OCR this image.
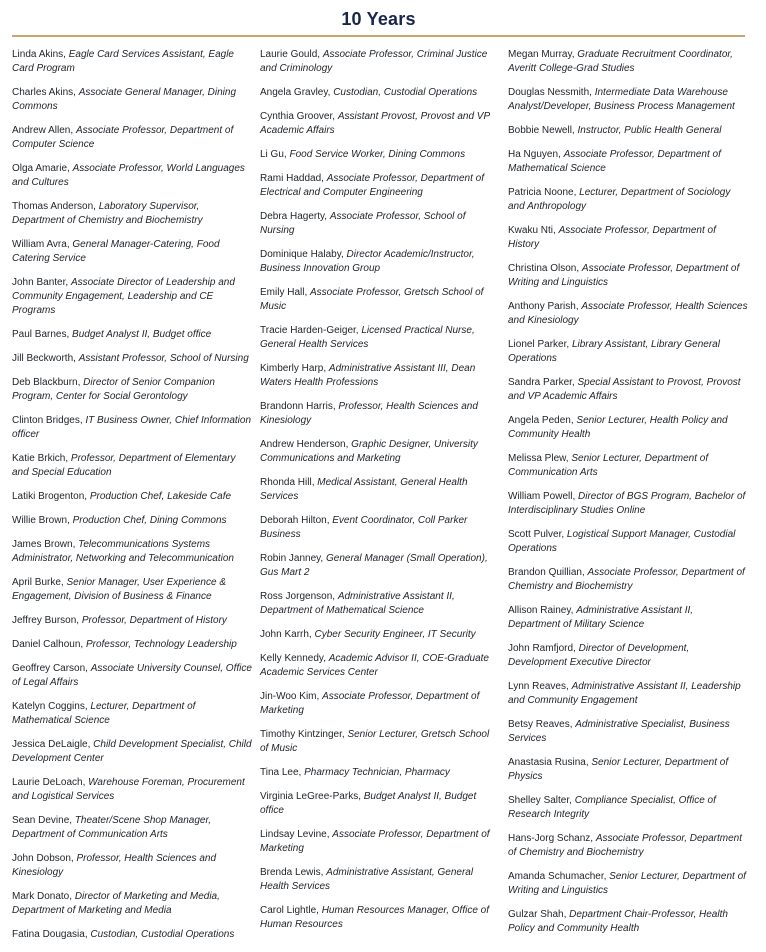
10 Years
Linda Akins, Eagle Card Services Assistant, Eagle Card Program
Charles Akins, Associate General Manager, Dining Commons
Andrew Allen, Associate Professor, Department of Computer Science
Olga Amarie, Associate Professor, World Languages and Cultures
Thomas Anderson, Laboratory Supervisor, Department of Chemistry and Biochemistry
William Avra, General Manager-Catering, Food Catering Service
John Banter, Associate Director of Leadership and Community Engagement, Leadership and CE Programs
Paul Barnes, Budget Analyst II, Budget office
Jill Beckworth, Assistant Professor, School of Nursing
Deb Blackburn, Director of Senior Companion Program, Center for Social Gerontology
Clinton Bridges, IT Business Owner, Chief Information officer
Katie Brkich, Professor, Department of Elementary and Special Education
Latiki Brogenton, Production Chef, Lakeside Cafe
Willie Brown, Production Chef, Dining Commons
James Brown, Telecommunications Systems Administrator, Networking and Telecommunication
April Burke, Senior Manager, User Experience & Engagement, Division of Business & Finance
Jeffrey Burson, Professor, Department of History
Daniel Calhoun, Professor, Technology Leadership
Geoffrey Carson, Associate University Counsel, Office of Legal Affairs
Katelyn Coggins, Lecturer, Department of Mathematical Science
Jessica DeLaigle, Child Development Specialist, Child Development Center
Laurie DeLoach, Warehouse Foreman, Procurement and Logistical Services
Sean Devine, Theater/Scene Shop Manager, Department of Communication Arts
John Dobson, Professor, Health Sciences and Kinesiology
Mark Donato, Director of Marketing and Media, Department of Marketing and Media
Fatina Dougasia, Custodian, Custodial Operations
Laurie Gould, Associate Professor, Criminal Justice and Criminology
Angela Gravley, Custodian, Custodial Operations
Cynthia Groover, Assistant Provost, Provost and VP Academic Affairs
Li Gu, Food Service Worker, Dining Commons
Rami Haddad, Associate Professor, Department of Electrical and Computer Engineering
Debra Hagerty, Associate Professor, School of Nursing
Dominique Halaby, Director Academic/Instructor, Business Innovation Group
Emily Hall, Associate Professor, Gretsch School of Music
Tracie Harden-Geiger, Licensed Practical Nurse, General Health Services
Kimberly Harp, Administrative Assistant III, Dean Waters Health Professions
Brandonn Harris, Professor, Health Sciences and Kinesiology
Andrew Henderson, Graphic Designer, University Communications and Marketing
Rhonda Hill, Medical Assistant, General Health Services
Deborah Hilton, Event Coordinator, Coll Parker Business
Robin Janney, General Manager (Small Operation), Gus Mart 2
Ross Jorgenson, Administrative Assistant II, Department of Mathematical Science
John Karrh, Cyber Security Engineer, IT Security
Kelly Kennedy, Academic Advisor II, COE-Graduate Academic Services Center
Jin-Woo Kim, Associate Professor, Department of Marketing
Timothy Kintzinger, Senior Lecturer, Gretsch School of Music
Tina Lee, Pharmacy Technician, Pharmacy
Virginia LeGree-Parks, Budget Analyst II, Budget office
Lindsay Levine, Associate Professor, Department of Marketing
Brenda Lewis, Administrative Assistant, General Health Services
Carol Lightle, Human Resources Manager, Office of Human Resources
Megan Murray, Graduate Recruitment Coordinator, Averitt College-Grad Studies
Douglas Nessmith, Intermediate Data Warehouse Analyst/Developer, Business Process Management
Bobbie Newell, Instructor, Public Health General
Ha Nguyen, Associate Professor, Department of Mathematical Science
Patricia Noone, Lecturer, Department of Sociology and Anthropology
Kwaku Nti, Associate Professor, Department of History
Christina Olson, Associate Professor, Department of Writing and Linguistics
Anthony Parish, Associate Professor, Health Sciences and Kinesiology
Lionel Parker, Library Assistant, Library General Operations
Sandra Parker, Special Assistant to Provost, Provost and VP Academic Affairs
Angela Peden, Senior Lecturer, Health Policy and Community Health
Melissa Plew, Senior Lecturer, Department of Communication Arts
William Powell, Director of BGS Program, Bachelor of Interdisciplinary Studies Online
Scott Pulver, Logistical Support Manager, Custodial Operations
Brandon Quillian, Associate Professor, Department of Chemistry and Biochemistry
Allison Rainey, Administrative Assistant II, Department of Military Science
John Ramfjord, Director of Development, Development Executive Director
Lynn Reaves, Administrative Assistant II, Leadership and Community Engagement
Betsy Reaves, Administrative Specialist, Business Services
Anastasia Rusina, Senior Lecturer, Department of Physics
Shelley Salter, Compliance Specialist, Office of Research Integrity
Hans-Jorg Schanz, Associate Professor, Department of Chemistry and Biochemistry
Amanda Schumacher, Senior Lecturer, Department of Writing and Linguistics
Gulzar Shah, Department Chair-Professor, Health Policy and Community Health
